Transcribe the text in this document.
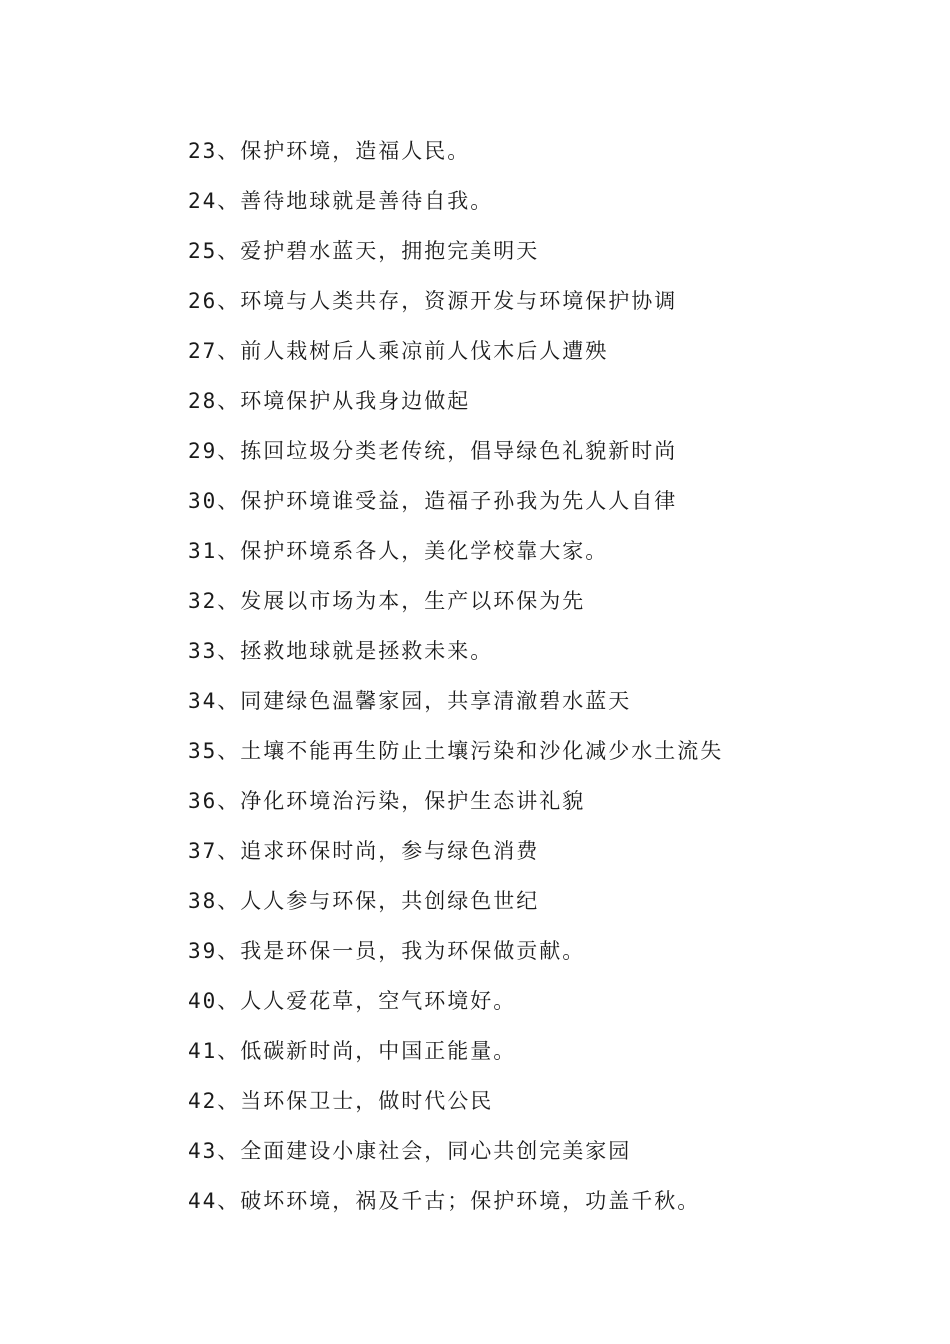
23、保护环境，造福人民。
24、善待地球就是善待自我。
25、爱护碧水蓝天，拥抱完美明天
26、环境与人类共存，资源开发与环境保护协调
27、前人栽树后人乘凉前人伐木后人遭殃
28、环境保护从我身边做起
29、拣回垃圾分类老传统，倡导绿色礼貌新时尚
30、保护环境谁受益，造福子孙我为先人人自律
31、保护环境系各人，美化学校靠大家。
32、发展以市场为本，生产以环保为先
33、拯救地球就是拯救未来。
34、同建绿色温馨家园，共享清澈碧水蓝天
35、土壤不能再生防止土壤污染和沙化减少水土流失
36、净化环境治污染，保护生态讲礼貌
37、追求环保时尚，参与绿色消费
38、人人参与环保，共创绿色世纪
39、我是环保一员，我为环保做贡献。
40、人人爱花草，空气环境好。
41、低碳新时尚，中国正能量。
42、当环保卫士，做时代公民
43、全面建设小康社会，同心共创完美家园
44、破坏环境，祸及千古；保护环境，功盖千秋。
